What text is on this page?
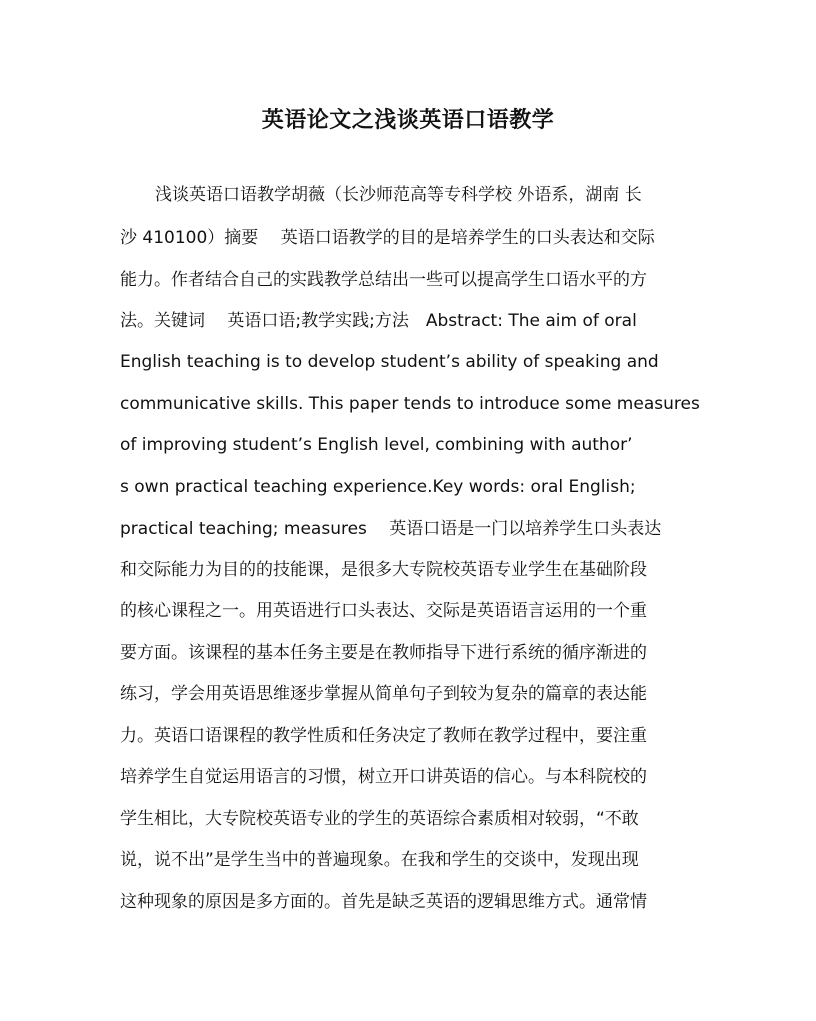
英语论文之浅谈英语口语教学
浅谈英语口语教学胡薇（长沙师范高等专科学校 外语系，湖南 长
沙 410100）摘要　 英语口语教学的目的是培养学生的口头表达和交际
能力。作者结合自己的实践教学总结出一些可以提高学生口语水平的方
法。关键词　 英语口语;教学实践;方法　Abstract: The aim of oral
English teaching is to develop student’s ability of speaking and
communicative skills. This paper tends to introduce some measures
of improving student’s English level, combining with author’
s own practical teaching experience.Key words: oral English;
practical teaching; measures　 英语口语是一门以培养学生口头表达
和交际能力为目的的技能课，是很多大专院校英语专业学生在基础阶段
的核心课程之一。用英语进行口头表达、交际是英语语言运用的一个重
要方面。该课程的基本任务主要是在教师指导下进行系统的循序渐进的
练习，学会用英语思维逐步掌握从简单句子到较为复杂的篇章的表达能
力。英语口语课程的教学性质和任务决定了教师在教学过程中，要注重
培养学生自觉运用语言的习惯，树立开口讲英语的信心。与本科院校的
学生相比，大专院校英语专业的学生的英语综合素质相对较弱，“不敢
说，说不出”是学生当中的普遍现象。在我和学生的交谈中，发现出现
这种现象的原因是多方面的。首先是缺乏英语的逻辑思维方式。通常情
